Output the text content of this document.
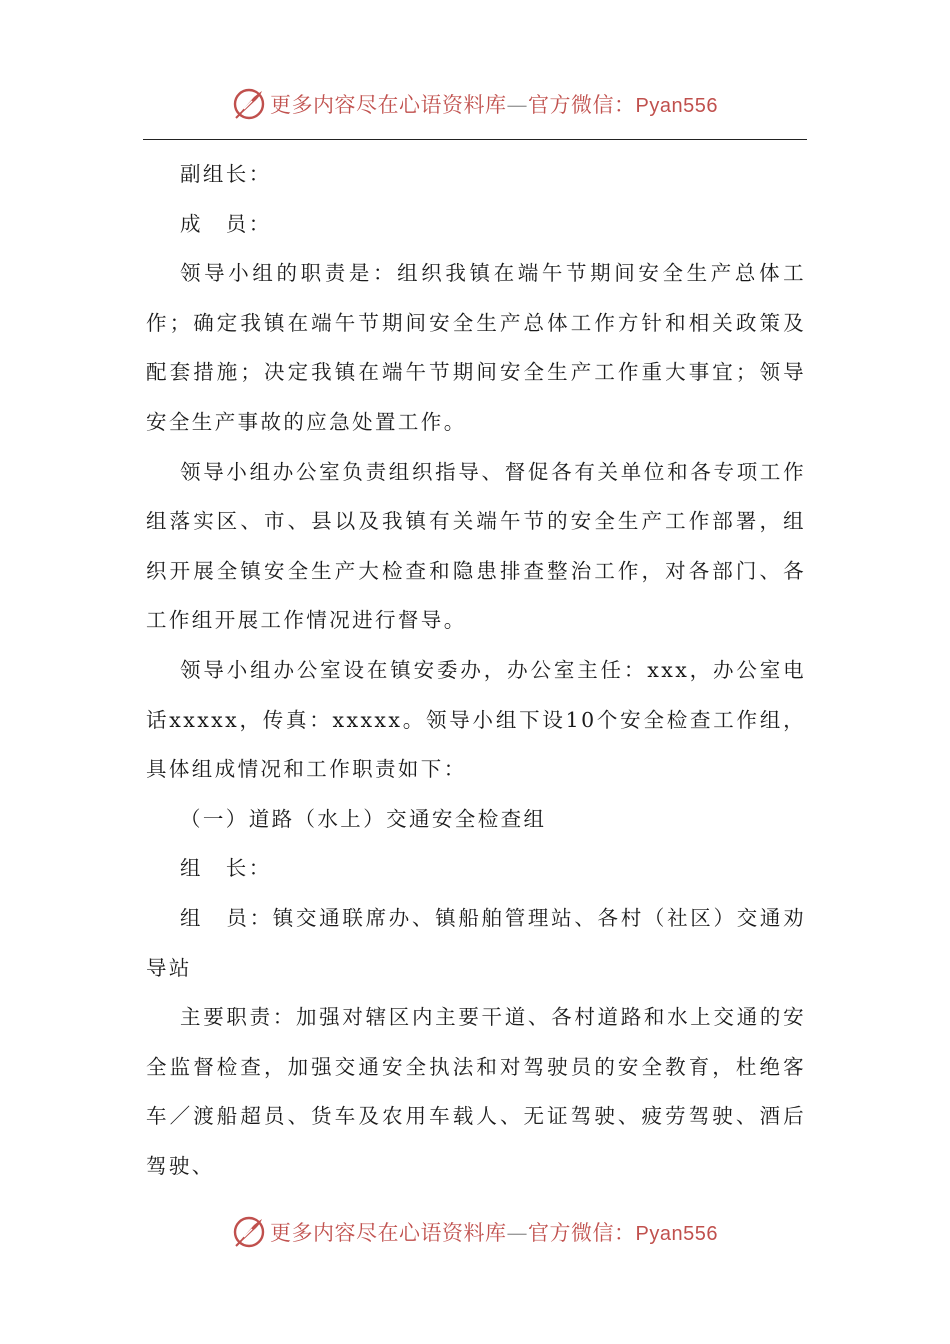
更多内容尽在心语资料库—官方微信：Pyan556

副组长：

成　员：

领导小组的职责是：组织我镇在端午节期间安全生产总体工作；确定我镇在端午节期间安全生产总体工作方针和相关政策及配套措施；决定我镇在端午节期间安全生产工作重大事宜；领导安全生产事故的应急处置工作。

领导小组办公室负责组织指导、督促各有关单位和各专项工作组落实区、市、县以及我镇有关端午节的安全生产工作部署，组织开展全镇安全生产大检查和隐患排查整治工作，对各部门、各工作组开展工作情况进行督导。

领导小组办公室设在镇安委办，办公室主任：xxx，办公室电话xxxxx，传真：xxxxx。领导小组下设10个安全检查工作组，具体组成情况和工作职责如下：

（一）道路（水上）交通安全检查组

组　长：

组　员：镇交通联席办、镇船舶管理站、各村（社区）交通劝导站

主要职责：加强对辖区内主要干道、各村道路和水上交通的安全监督检查，加强交通安全执法和对驾驶员的安全教育，杜绝客车／渡船超员、货车及农用车载人、无证驾驶、疲劳驾驶、酒后驾驶、

更多内容尽在心语资料库—官方微信：Pyan556
